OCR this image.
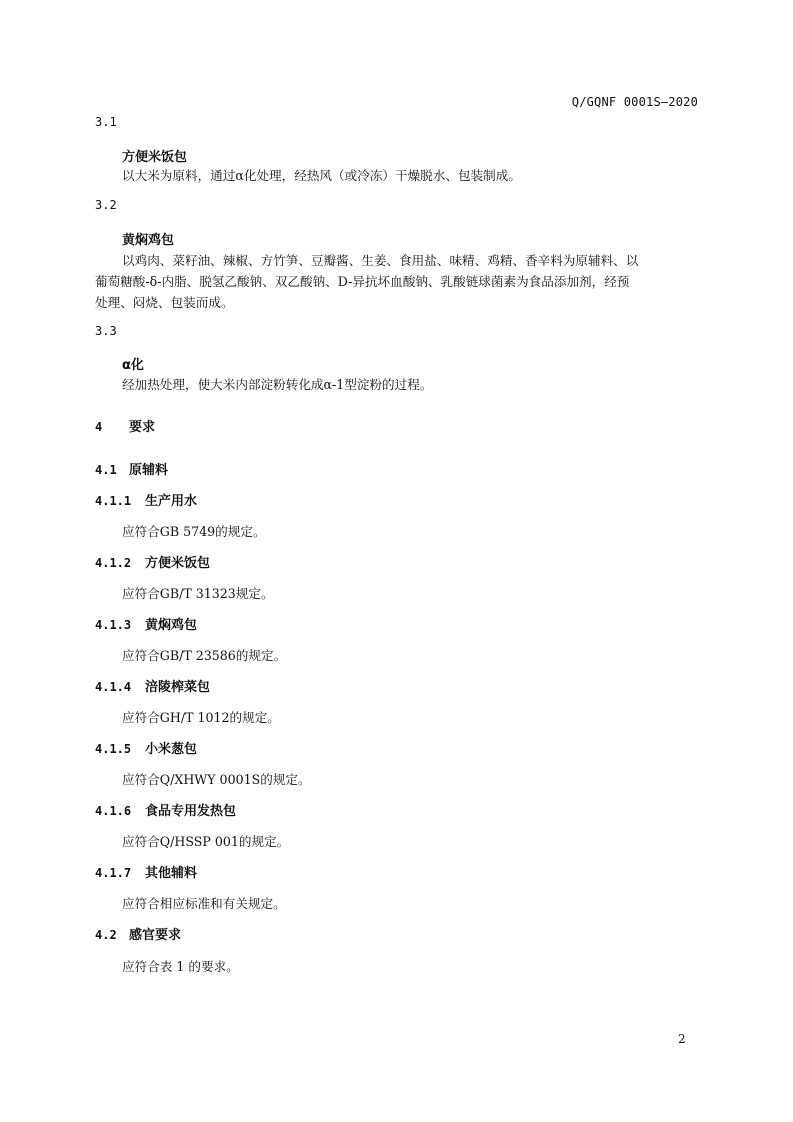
Q/GQNF 0001S—2020
3.1
方便米饭包
以大米为原料，通过α化处理，经热风（或冷冻）干燥脱水、包装制成。
3.2
黄焖鸡包
以鸡肉、菜籽油、辣椒、方竹笋、豆瓣酱、生姜、食用盐、味精、鸡精、香辛料为原辅料、以
葡萄糖酸-δ-内脂、脱氢乙酸钠、双乙酸钠、D-异抗坏血酸钠、乳酸链球菌素为食品添加剂，经预
处理、闷烧、包装而成。
3.3
α化
经加热处理，使大米内部淀粉转化成α-1型淀粉的过程。
4 要求
4.1 原辅料
4.1.1 生产用水
应符合GB 5749的规定。
4.1.2 方便米饭包
应符合GB/T 31323规定。
4.1.3 黄焖鸡包
应符合GB/T 23586的规定。
4.1.4 涪陵榨菜包
应符合GH/T 1012的规定。
4.1.5 小米葱包
应符合Q/XHWY 0001S的规定。
4.1.6 食品专用发热包
应符合Q/HSSP 001的规定。
4.1.7 其他辅料
应符合相应标准和有关规定。
4.2 感官要求
应符合表 1 的要求。
2
